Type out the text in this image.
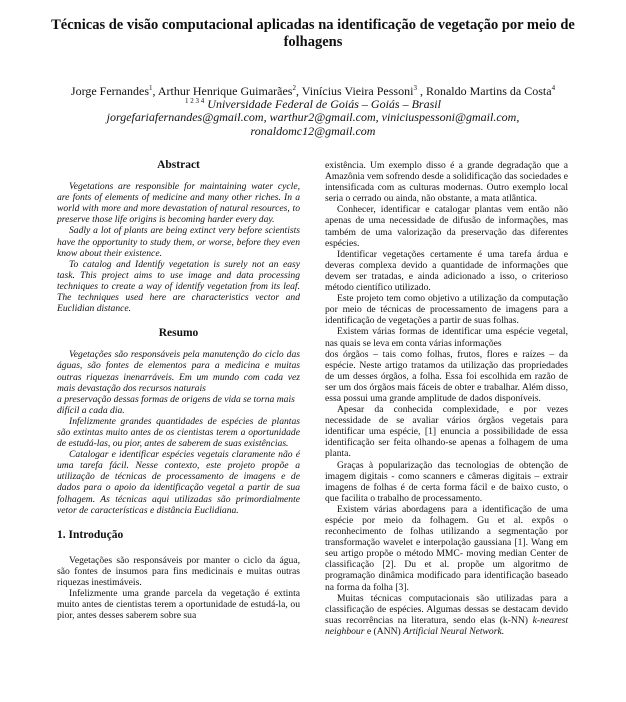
Técnicas de visão computacional aplicadas na identificação de vegetação por meio de folhagens
Jorge Fernandes$^1$, Arthur Henrique Guimarães$^2$, Vinícius Vieira Pessoni$^3$ , Ronaldo Martins da Costa$^4$
$^{1 2 3 4}$ Universidade Federal de Goiás – Goiás – Brasil
jorgefariafernandes@gmail.com, warthur2@gmail.com, viniciuspessoni@gmail.com,
ronaldomc12@gmail.com
Abstract

Vegetations are responsible for maintaining water cycle, are fonts of elements of medicine and many other riches. In a world with more and more devastation of natural resources, to preserve those life origins is becoming harder every day.

Sadly a lot of plants are being extinct very before scientists have the opportunity to study them, or worse, before they even know about their existence.

To catalog and Identify vegetation is surely not an easy task. This project aims to use image and data processing techniques to create a way of identify vegetation from its leaf. The techniques used here are characteristics vector and Euclidian distance.

Resumo

Vegetações são responsáveis pela manutenção do ciclo das águas, são fontes de elementos para a medicina e muitas outras riquezas inenarráveis. Em um mundo com cada vez mais devastação dos recursos naturais

a preservação dessas formas de origens de vida se torna mais difícil a cada dia.

Infelizmente grandes quantidades de espécies de plantas são extintas muito antes de os cientistas terem a oportunidade de estudá-las, ou pior, antes de saberem de suas existências.

Catalogar e identificar espécies vegetais claramente não é uma tarefa fácil. Nesse contexto, este projeto propõe a utilização de técnicas de processamento de imagens e de dados para o apoio da identificação vegetal a partir de sua folhagem. As técnicas aqui utilizadas são primordialmente vetor de características e distância Euclidiana.

1. Introdução

Vegetações são responsáveis por manter o ciclo da água, são fontes de insumos para fins medicinais e muitas outras riquezas inestimáveis.

Infelizmente uma grande parcela da vegetação é extinta muito antes de cientistas terem a oportunidade de estudá-la, ou pior, antes desses saberem sobre sua

existência. Um exemplo disso é a grande degradação que a Amazônia vem sofrendo desde a solidificação das sociedades e intensificada com as culturas modernas. Outro exemplo local seria o cerrado ou ainda, não obstante, a mata atlântica.

Conhecer, identificar e catalogar plantas vem então não apenas de uma necessidade de difusão de informações, mas também de uma valorização da preservação das diferentes espécies.

Identificar vegetações certamente é uma tarefa árdua e deveras complexa devido a quantidade de informações que devem ser tratadas, e ainda adicionado a isso, o criterioso método científico utilizado.

Este projeto tem como objetivo a utilização da computação por meio de técnicas de processamento de imagens para a identificação de vegetações a partir de suas folhas.

Existem várias formas de identificar uma espécie vegetal, nas quais se leva em conta várias informações

dos órgãos – tais como folhas, frutos, flores e raízes – da espécie. Neste artigo tratamos da utilização das propriedades de um desses órgãos, a folha. Essa foi escolhida em razão de ser um dos órgãos mais fáceis de obter e trabalhar. Além disso, essa possui uma grande amplitude de dados disponíveis.

Apesar da conhecida complexidade, e por vezes necessidade de se avaliar vários órgãos vegetais para identificar uma espécie, [1] enuncia a possibilidade de essa identificação ser feita olhando-se apenas a folhagem de uma planta.

Graças à popularização das tecnologias de obtenção de imagem digitais - como scanners e câmeras digitais – extrair imagens de folhas é de certa forma fácil e de baixo custo, o que facilita o trabalho de processamento.

Existem várias abordagens para a identificação de uma espécie por meio da folhagem. Gu et al. expôs o reconhecimento de folhas utilizando a segmentação por transformação wavelet e interpolação gaussiana [1]. Wang em seu artigo propõe o método MMC- moving median Center de classificação [2]. Du et al. propõe um algoritmo de programação dinâmica modificado para identificação baseado na forma da folha [3].

Muitas técnicas computacionais são utilizadas para a classificação de espécies. Algumas dessas se destacam devido suas recorrências na literatura, sendo elas (k-NN) k-nearest neighbour e (ANN) Artificial Neural Network.
